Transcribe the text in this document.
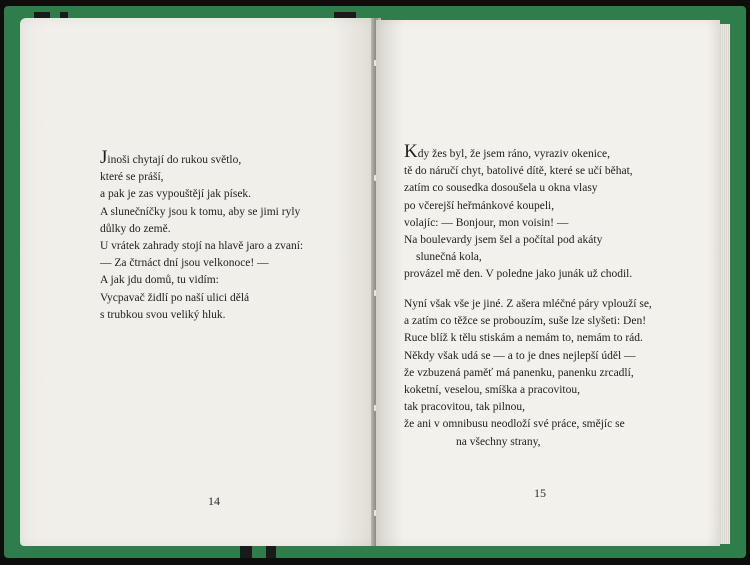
Jinoši chytají do rukou světlo,
které se práší,
a pak je zas vypouštějí jak písek.
A slunečníčky jsou k tomu, aby se jimi ryly
důlky do země.
U vrátek zahrady stojí na hlavě jaro a zvaní:
— Za čtrnáct dní jsou velkonoce! —
A jak jdu domů, tu vidím:
Vycpavač židlí po naší ulici dělá
s trubkou svou veliký hluk.
14
Kdy žes byl, že jsem ráno, vyraziv okenice,
tě do náručí chyt, batolivé dítě, které se učí běhat,
zatím co sousedka dosoušela u okna vlasy
po včerejší heřmánkové koupeli,
volajíc: — Bonjour, mon voisin! —
Na boulevardy jsem šel a počítal pod akáty
slunečná kola,
provázel mě den. V poledne jako junák už chodil.
Nyní však vše je jiné. Z ašera mléčné páry vplouží se,
a zatím co těžce se probouzím, suše lze slyšeti: Den!
Ruce blíž k tělu stiskám a nemám to, nemám to rád.
Někdy však udá se — a to je dnes nejlepší úděl —
že vzbuzená paměť má panenku, panenku zrcadlí,
koketní, veselou, smíška a pracovitou,
tak pracovitou, tak pilnou,
že ani v omnibusu neodloží své práce, smějíc se
na všechny strany,
15
